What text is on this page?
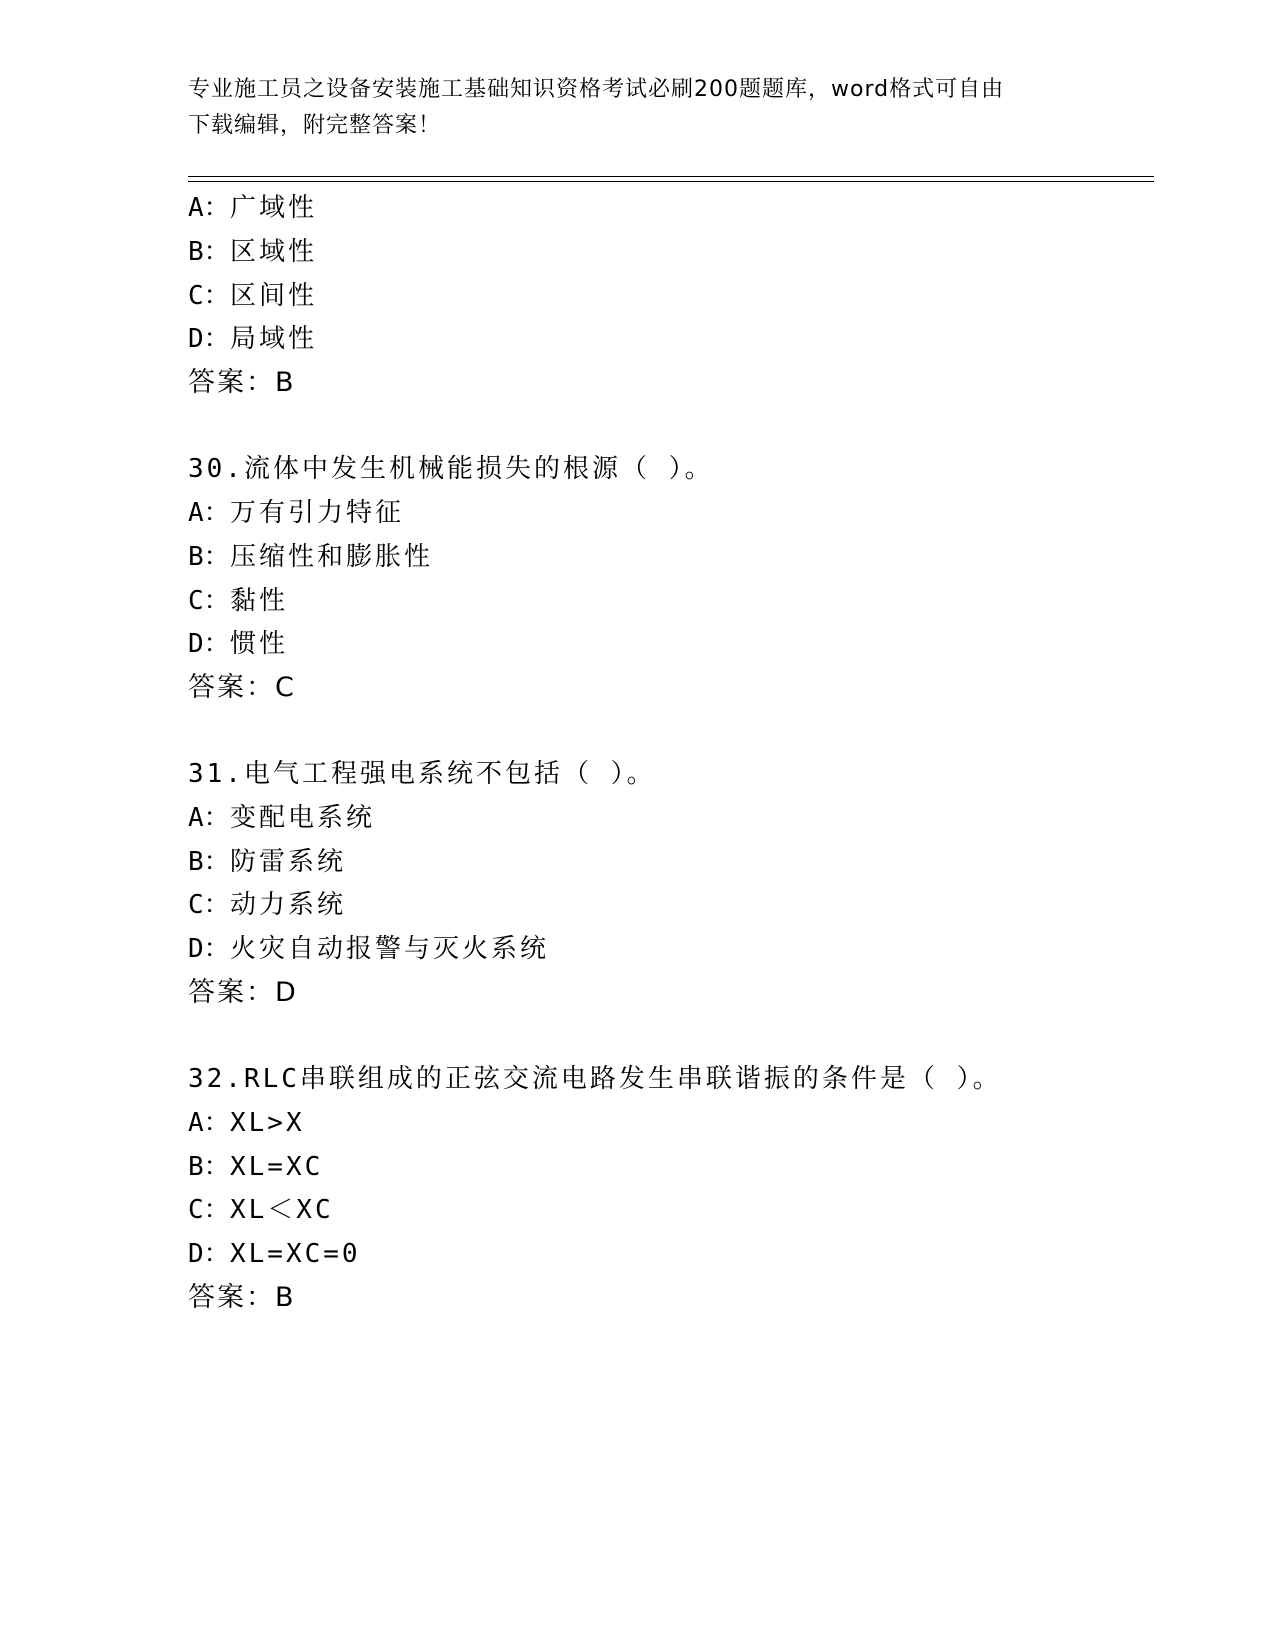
专业施工员之设备安装施工基础知识资格考试必刷200题题库，word格式可自由
下载编辑，附完整答案！
A：广域性
B：区域性
C：区间性
D：局域性
答案：B
30.流体中发生机械能损失的根源（ ）。
A：万有引力特征
B：压缩性和膨胀性
C：黏性
D：惯性
答案：C
31.电气工程强电系统不包括（ ）。
A：变配电系统
B：防雷系统
C：动力系统
D：火灾自动报警与灭火系统
答案：D
32.RLC串联组成的正弦交流电路发生串联谐振的条件是（ ）。
A：XL>X
B：XL=XC
C：XL＜XC
D：XL=XC=0
答案：B
